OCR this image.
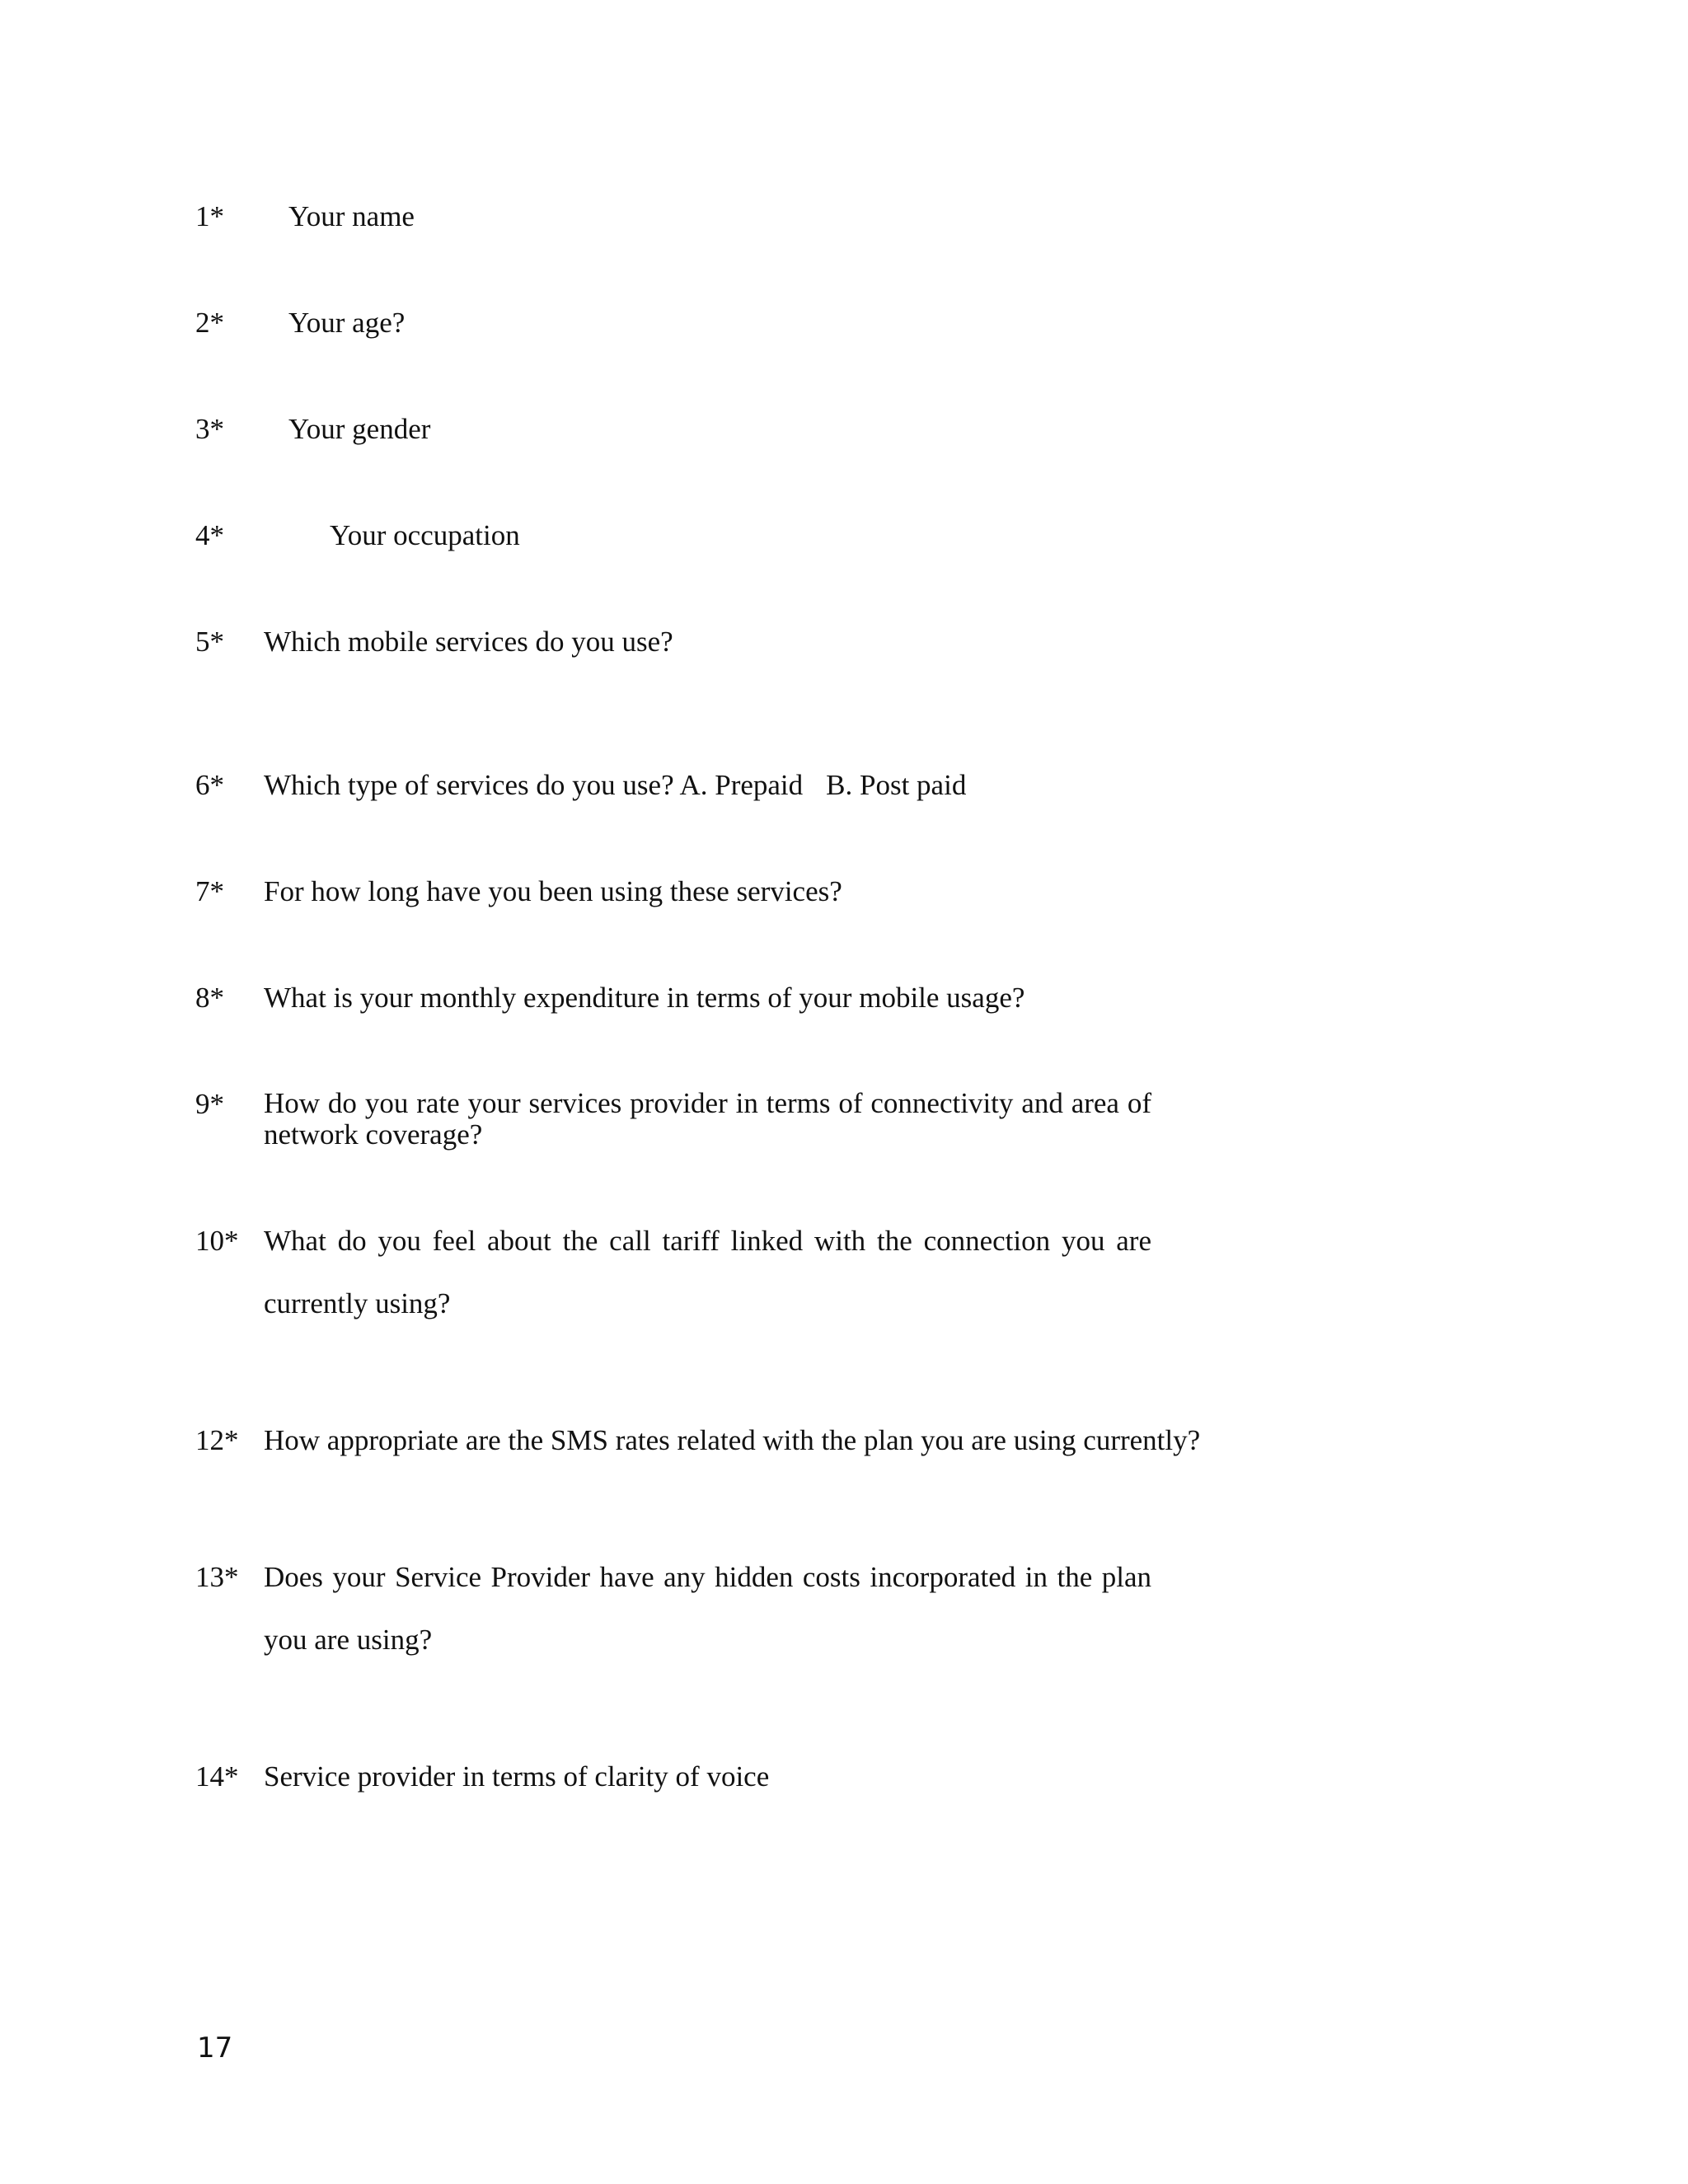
1* Your name
2* Your age?
3* Your gender
4*	Your occupation
5* Which mobile services do you use?
6* Which type of services do you use? A. Prepaid B. Post paid
7* For how long have you been using these services?
8* What is your monthly expenditure in terms of your mobile usage?
9* How do you rate your services provider in terms of connectivity and area of network coverage?
10* What do you feel about the call tariff linked with the connection you are currently using?
12* How appropriate are the SMS rates related with the plan you are using currently?
13* Does your Service Provider have any hidden costs incorporated in the plan you are using?
14* Service provider in terms of clarity of voice
17
